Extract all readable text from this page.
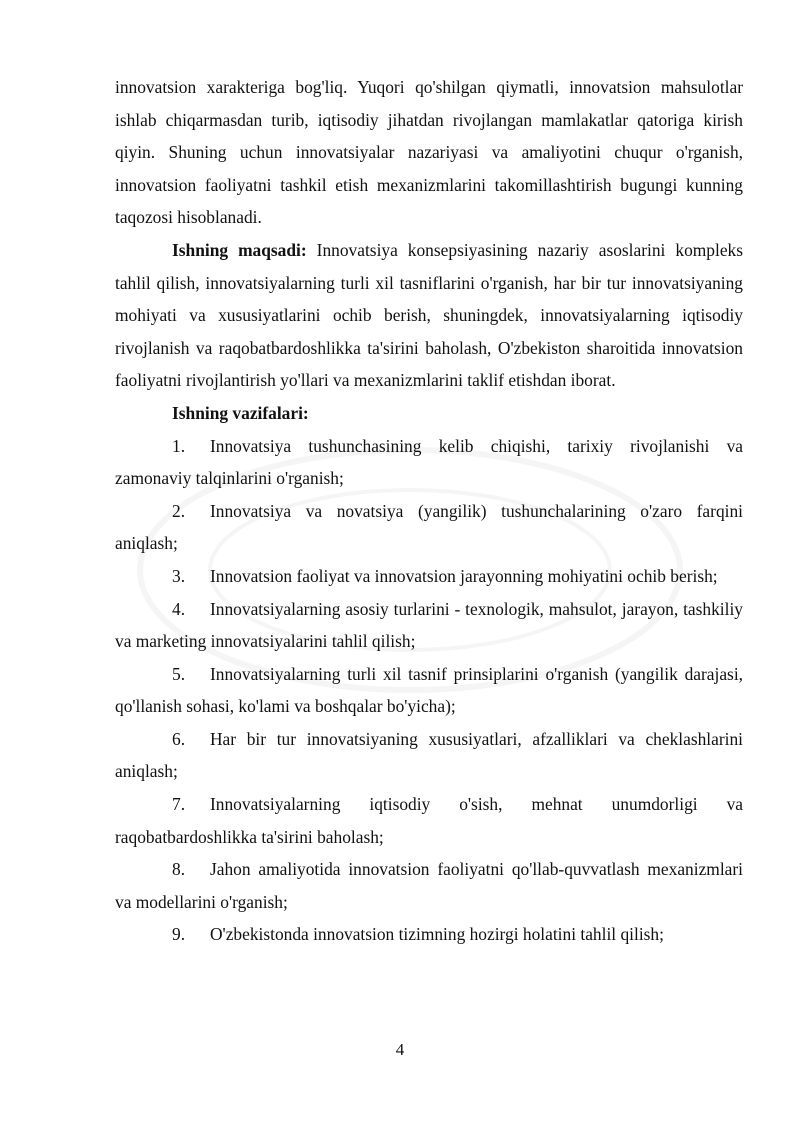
innovatsion xarakteriga bog'liq. Yuqori qo'shilgan qiymatli, innovatsion mahsulotlar ishlab chiqarmasdan turib, iqtisodiy jihatdan rivojlangan mamlakatlar qatoriga kirish qiyin. Shuning uchun innovatsiyalar nazariyasi va amaliyotini chuqur o'rganish, innovatsion faoliyatni tashkil etish mexanizmlarini takomillashtirish bugungi kunning taqozosi hisoblanadi.

Ishning maqsadi: Innovatsiya konsepsiyasining nazariy asoslarini kompleks tahlil qilish, innovatsiyalarning turli xil tasniflarini o'rganish, har bir tur innovatsiyaning mohiyati va xususiyatlarini ochib berish, shuningdek, innovatsiyalarning iqtisodiy rivojlanish va raqobatbardoshlikka ta'sirini baholash, O'zbekiston sharoitida innovatsion faoliyatni rivojlantirish yo'llari va mexanizmlarini taklif etishdan iborat.

Ishning vazifalari:

1. Innovatsiya tushunchasining kelib chiqishi, tarixiy rivojlanishi va zamonaviy talqinlarini o'rganish;

2. Innovatsiya va novatsiya (yangilik) tushunchalarining o'zaro farqini aniqlash;

3. Innovatsion faoliyat va innovatsion jarayonning mohiyatini ochib berish;

4. Innovatsiyalarning asosiy turlarini - texnologik, mahsulot, jarayon, tashkiliy va marketing innovatsiyalarini tahlil qilish;

5. Innovatsiyalarning turli xil tasnif prinsiplarini o'rganish (yangilik darajasi, qo'llanish sohasi, ko'lami va boshqalar bo'yicha);

6. Har bir tur innovatsiyaning xususiyatlari, afzalliklari va cheklashlarini aniqlash;

7. Innovatsiyalarning iqtisodiy o'sish, mehnat unumdorligi va raqobatbardoshlikka ta'sirini baholash;

8. Jahon amaliyotida innovatsion faoliyatni qo'llab-quvvatlash mexanizmlari va modellarini o'rganish;

9. O'zbekistonda innovatsion tizimning hozirgi holatini tahlil qilish;

4
